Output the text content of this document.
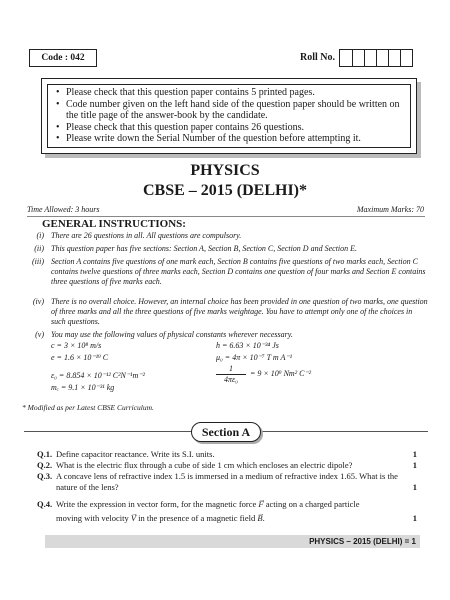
Code : 042	Roll No.
• Please check that this question paper contains 5 printed pages.
• Code number given on the left hand side of the question paper should be written on the title page of the answer-book by the candidate.
• Please check that this question paper contains 26 questions.
• Please write down the Serial Number of the question before attempting it.
PHYSICS
CBSE – 2015 (DELHI)*
Time Allowed: 3 hours	Maximum Marks: 70
GENERAL INSTRUCTIONS:
(i) There are 26 questions in all. All questions are compulsory.
(ii) This question paper has five sections: Section A, Section B, Section C, Section D and Section E.
(iii) Section A contains five questions of one mark each, Section B contains five questions of two marks each, Section C contains twelve questions of three marks each, Section D contains one question of four marks and Section E contains three questions of five marks each.
(iv) There is no overall choice. However, an internal choice has been provided in one question of two marks, one question of three marks and all the three questions of five marks weightage. You have to attempt only one of the choices in such questions.
(v) You may use the following values of physical constants wherever necessary.
c = 3 × 10⁸ m/s	h = 6.63 × 10⁻³⁴ Js
e = 1.6 × 10⁻¹⁹ C	μ₀ = 4π × 10⁻⁷ T m A⁻¹
ε₀ = 8.854 × 10⁻¹² C²N⁻¹m⁻²	$\frac{1}{\text{4πε₀}} = 9 \times 10^9$ Nm² C⁻²
mₑ = 9.1 × 10⁻³¹ kg
* Modified as per Latest CBSE Curriculum.
Section A
Q.1. Define capacitor reactance. Write its S.I. units.	1
Q.2. What is the electric flux through a cube of side 1 cm which encloses an electric dipole?	1
Q.3. A concave lens of refractive index 1.5 is immersed in a medium of refractive index 1.65. What is the nature of the lens?	1
Q.4. Write the expression in vector form, for the magnetic force → F acting on a charged particle
moving with velocity → V in the presence of a magnetic field → B.	1
PHYSICS – 2015 (DELHI) = 1
